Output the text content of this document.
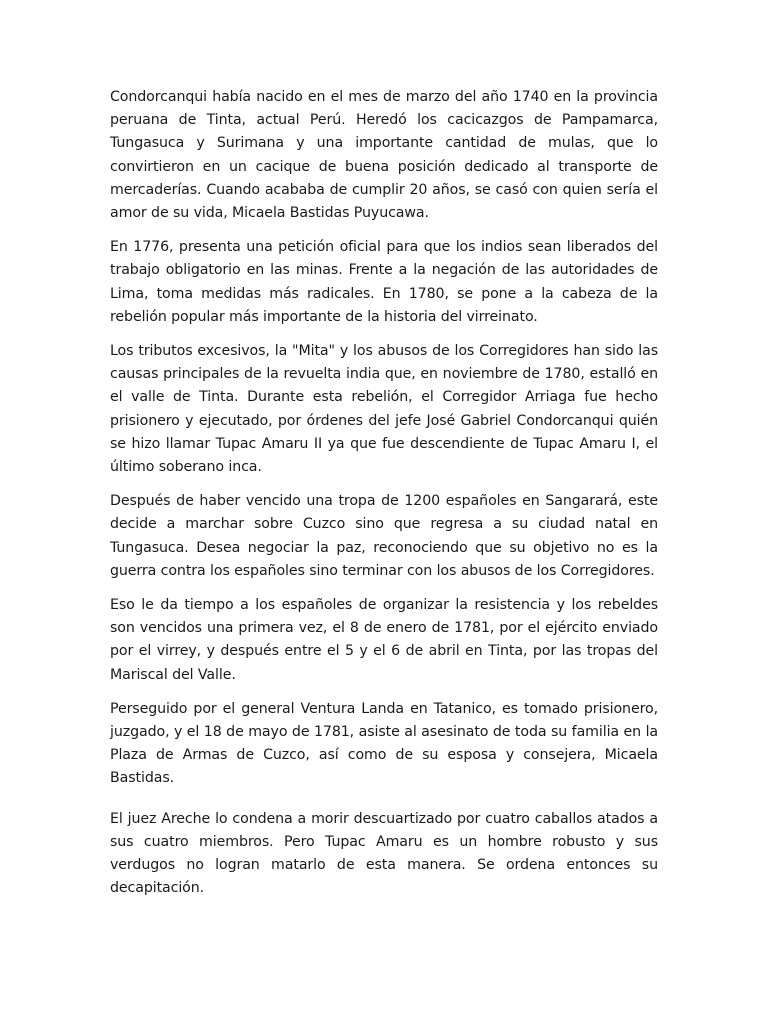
Condorcanqui había nacido en el mes de marzo del año 1740 en la provincia peruana de Tinta, actual Perú. Heredó los cacicazgos de Pampamarca, Tungasuca y Surimana y una importante cantidad de mulas, que lo convirtieron en un cacique de buena posición dedicado al transporte de mercaderías. Cuando acababa de cumplir 20 años, se casó con quien sería el amor de su vida, Micaela Bastidas Puyucawa.

En 1776, presenta una petición oficial para que los indios sean liberados del trabajo obligatorio en las minas. Frente a la negación de las autoridades de Lima, toma medidas más radicales. En 1780, se pone a la cabeza de la rebelión popular más importante de la historia del virreinato.

Los tributos excesivos, la "Mita" y los abusos de los Corregidores han sido las causas principales de la revuelta india que, en noviembre de 1780, estalló en el valle de Tinta. Durante esta rebelión, el Corregidor Arriaga fue hecho prisionero y ejecutado, por órdenes del jefe José Gabriel Condorcanqui quién se hizo llamar Tupac Amaru II ya que fue descendiente de Tupac Amaru I, el último soberano inca.

Después de haber vencido una tropa de 1200 españoles en Sangarará, este decide a marchar sobre Cuzco sino que regresa a su ciudad natal en Tungasuca. Desea negociar la paz, reconociendo que su objetivo no es la guerra contra los españoles sino terminar con los abusos de los Corregidores.

Eso le da tiempo a los españoles de organizar la resistencia y los rebeldes son vencidos una primera vez, el 8 de enero de 1781, por el ejército enviado por el virrey, y después entre el 5 y el 6 de abril en Tinta, por las tropas del Mariscal del Valle.

Perseguido por el general Ventura Landa en Tatanico, es tomado prisionero, juzgado, y el 18 de mayo de 1781, asiste al asesinato de toda su familia en la Plaza de Armas de Cuzco, así como de su esposa y consejera, Micaela Bastidas.

El juez Areche lo condena a morir descuartizado por cuatro caballos atados a sus cuatro miembros. Pero Tupac Amaru es un hombre robusto y sus verdugos no logran matarlo de esta manera. Se ordena entonces su decapitación.
